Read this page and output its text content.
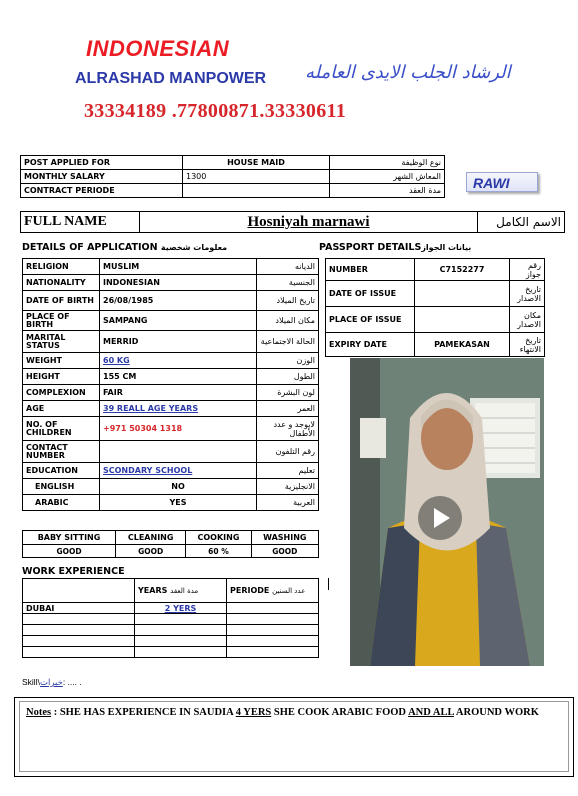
INDONESIAN
ALRASHAD MANPOWER الرشاد الجلب الايدى العامله
33334189 .77800871.33330611
POST APPLIED FOR	HOUSE MAID	نوع الوظيفة
MONTHLY SALARY	1300	المعاش الشهر
CONTRACT PERIODE		مدة العقد	RAWI
FULL NAME	Hosniyah marnawi	الاسم الكامل
DETAILS OF APPLICATION معلومات شخصية	PASSPORT DETAILSبيانات الجواز
RELIGION	MUSLIM	الديانه
NATIONALITY	INDONESIAN	الجنسية
DATE OF BIRTH	26/08/1985	تاريخ الميلاد
PLACE OF BIRTH	SAMPANG	مكان الميلاد
MARITAL STATUS	MERRID	الحالة الاجتماعية
WEIGHT	60 KG	الوزن
HEIGHT	155 CM	الطول
COMPLEXION	FAIR	لون البشرة
AGE	39 REALL AGE YEARS	العمر
NO. OF CHILDREN	+971 50304 1318	لايوجد و عدد الأطفال
CONTACT NUMBER		رقم التلفون
EDUCATION	SCONDARY SCHOOL	تعليم
ENGLISH	NO	الانجليزية
ARABIC	YES	العربية
NUMBER	C7152277	رقم جواز
DATE OF ISSUE		تاريخ الاصدار
PLACE OF ISSUE		مكان الاصدار
EXPIRY DATE	PAMEKASAN	تاريخ الانتهاء
BABY SITTING	CLEANING	COOKING	WASHING
GOOD	GOOD	60 %	GOOD
WORK EXPERIENCE
	YEARS مدة العقد	PERIODE عدد السنين
DUBAI	2 YERS	

Skill\خبرات: .... .
Notes : SHE HAS EXPERIENCE IN SAUDIA 4 YERS SHE COOK ARABIC FOOD AND ALL AROUND WORK
